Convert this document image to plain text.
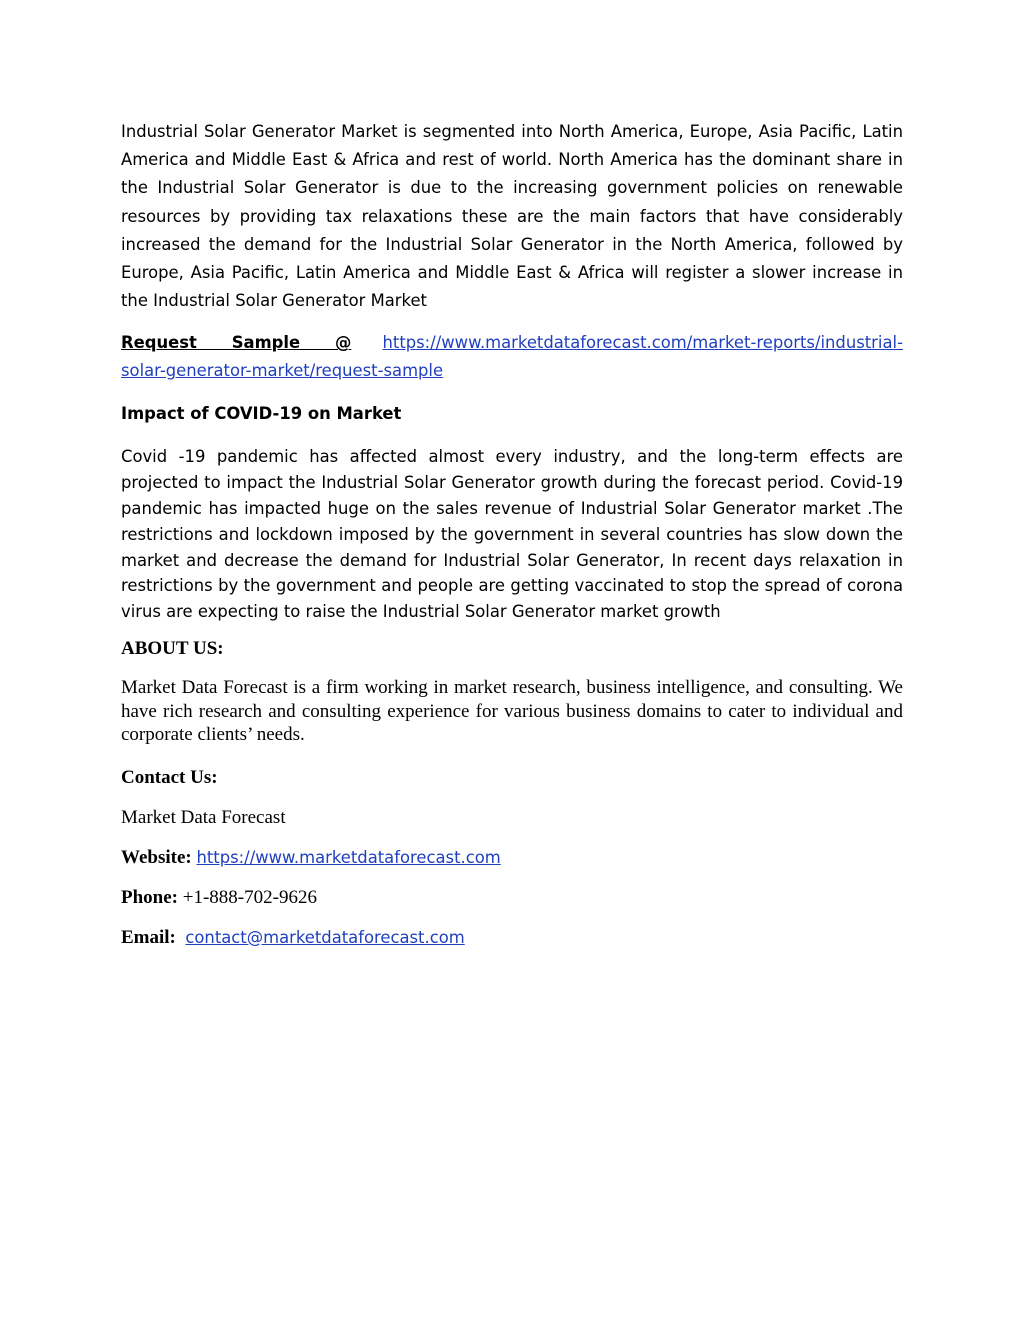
Industrial Solar Generator Market is segmented into North America, Europe, Asia Pacific, Latin America and Middle East & Africa and rest of world. North America has the dominant share in the Industrial Solar Generator is due to the increasing government policies on renewable resources by providing tax relaxations these are the main factors that have considerably increased the demand for the Industrial Solar Generator in the North America, followed by Europe, Asia Pacific, Latin America and Middle East & Africa will register a slower increase in the Industrial Solar Generator Market

Request Sample @ https://www.marketdataforecast.com/market-reports/industrial-solar-generator-market/request-sample

Impact of COVID-19 on Market

Covid -19 pandemic has affected almost every industry, and the long-term effects are projected to impact the Industrial Solar Generator growth during the forecast period. Covid-19 pandemic has impacted huge on the sales revenue of Industrial Solar Generator market .The restrictions and lockdown imposed by the government in several countries has slow down the market and decrease the demand for Industrial Solar Generator, In recent days relaxation in restrictions by the government and people are getting vaccinated to stop the spread of corona virus are expecting to raise the Industrial Solar Generator market growth

ABOUT US:

Market Data Forecast is a firm working in market research, business intelligence, and consulting. We have rich research and consulting experience for various business domains to cater to individual and corporate clients’ needs.

Contact Us:

Market Data Forecast

Website: https://www.marketdataforecast.com

Phone: +1-888-702-9626

Email: contact@marketdataforecast.com
